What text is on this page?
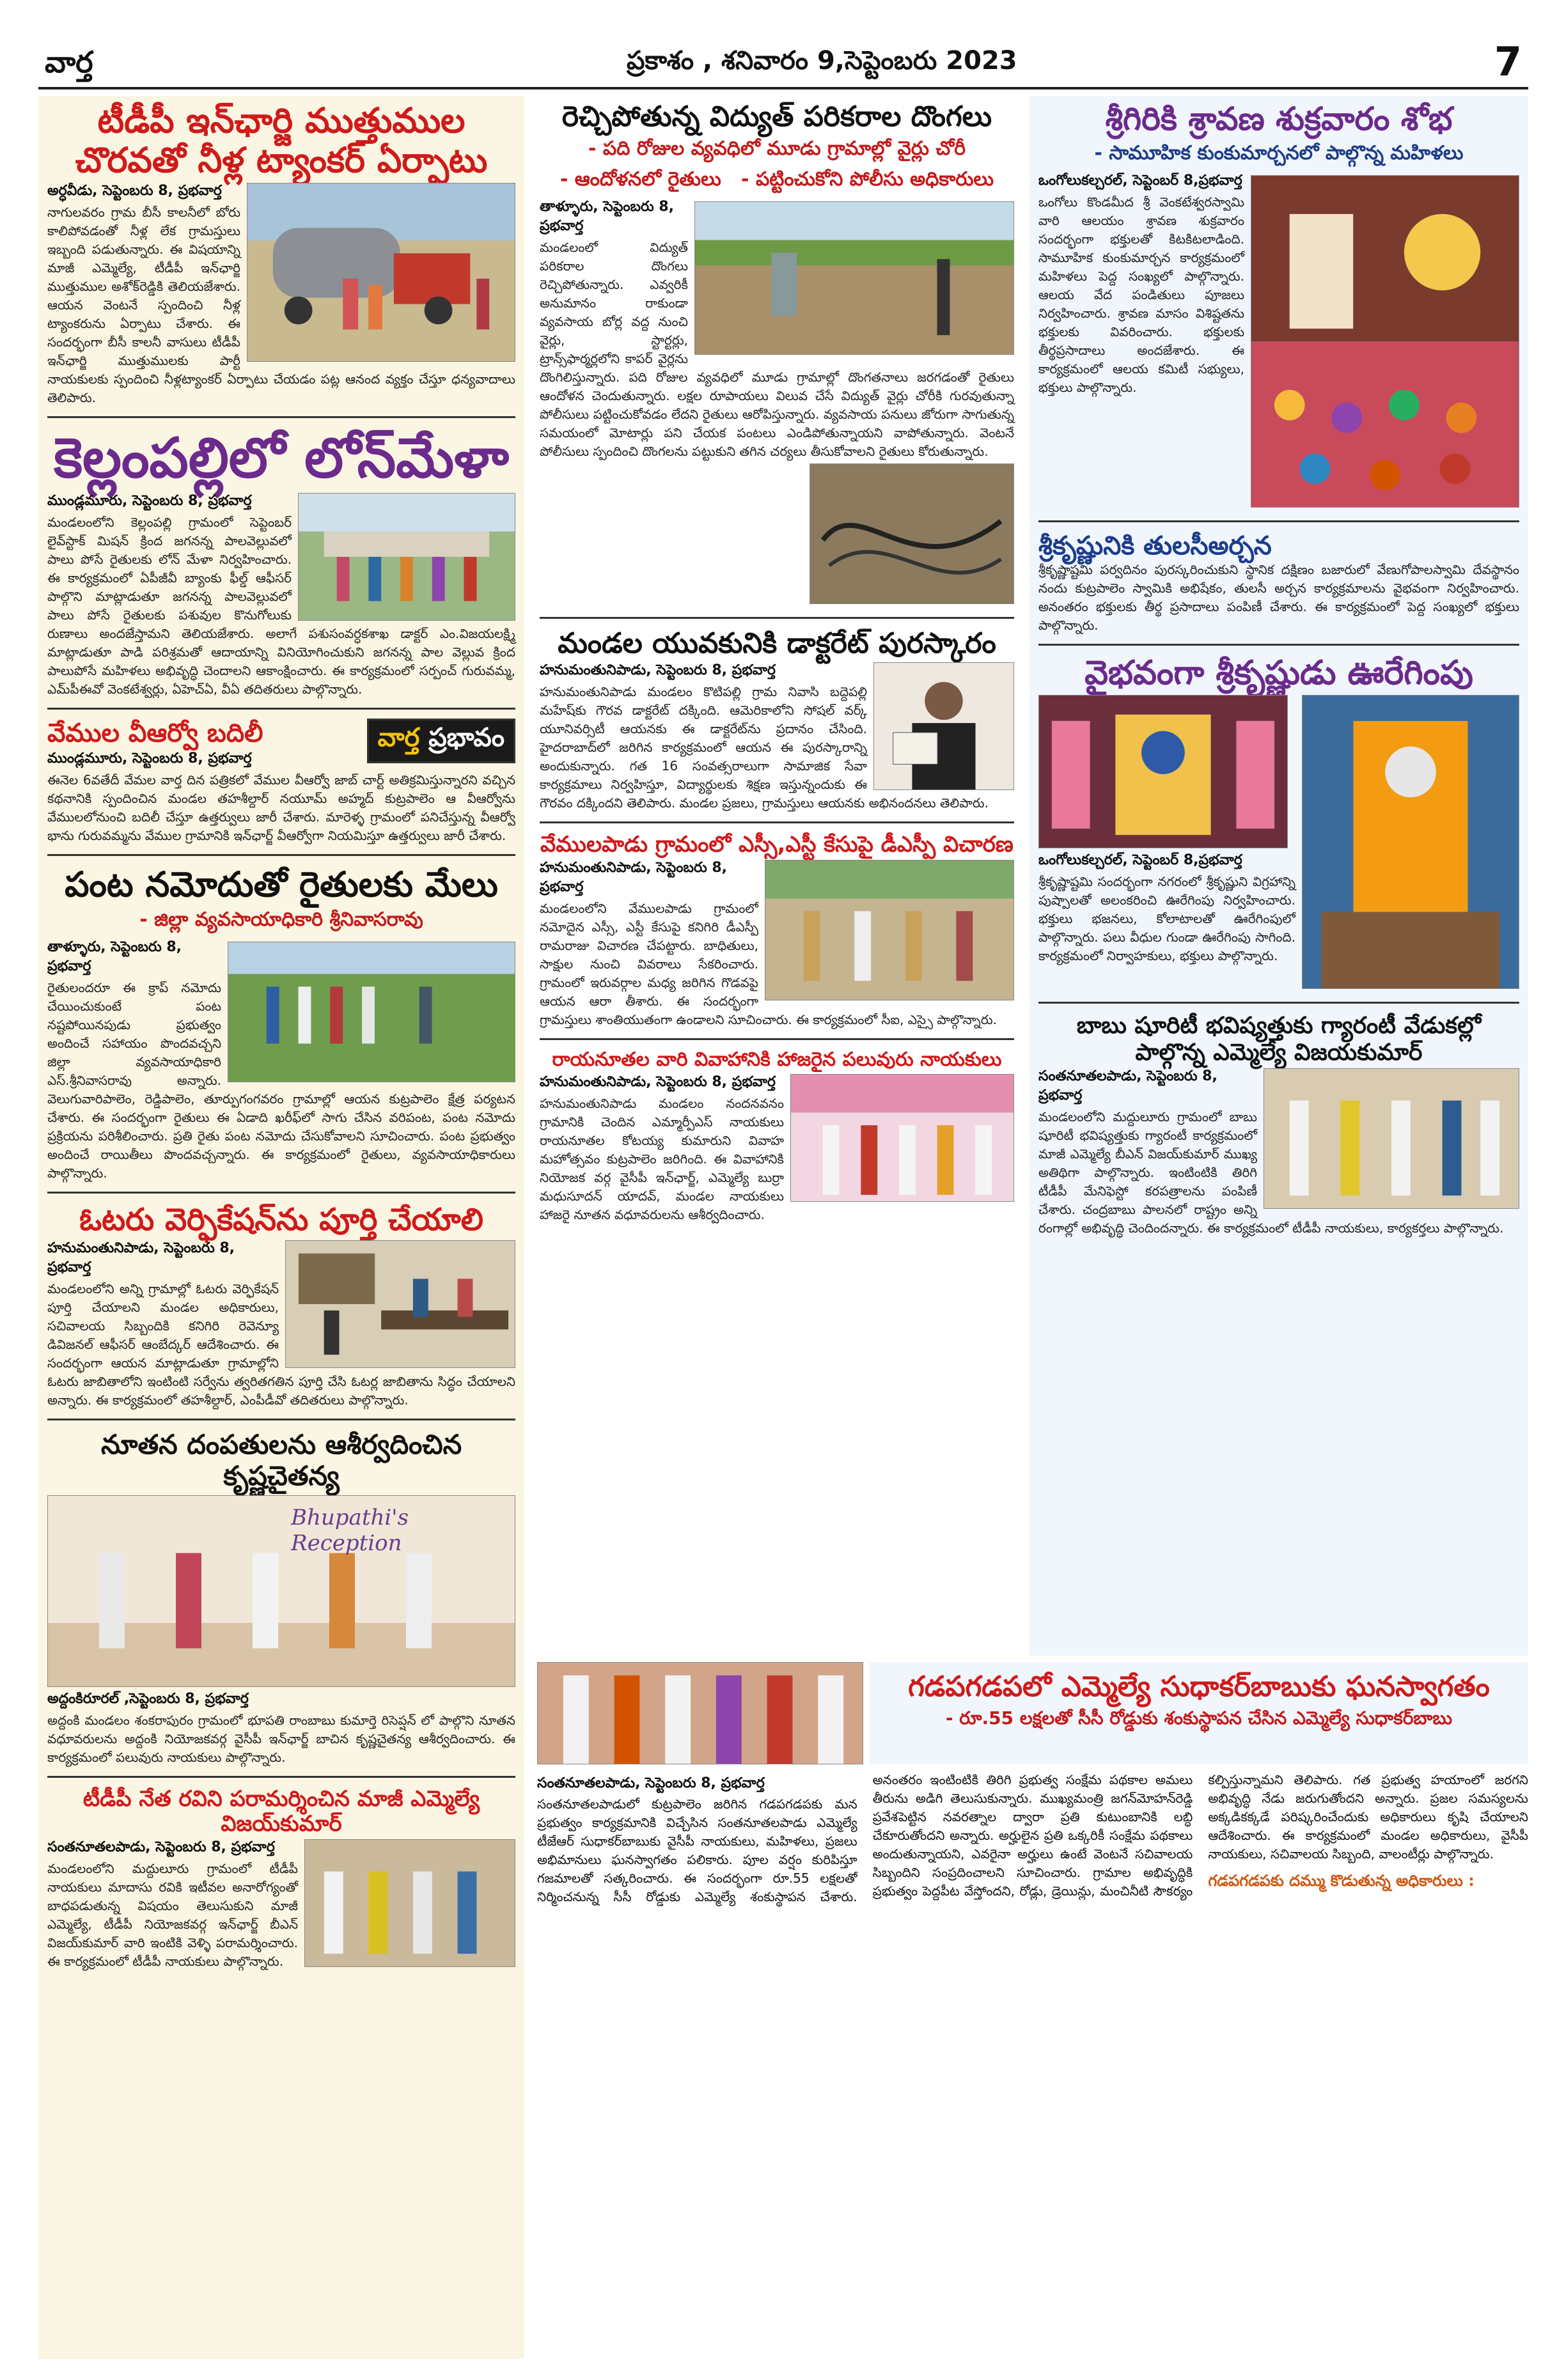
వార్త	ప్రకాశం , శనివారం 9,సెప్టెంబరు 2023	7
టీడీపీ ఇన్‌ఛార్జి ముత్తుముల
చొరవతో నీళ్ల ట్యాంకర్ ఏర్పాటు
అర్ధవీడు, సెప్టెంబరు 8, ప్రభవార్త
నాగులవరం గ్రామ బీసీ కాలనీలో బోరు కాలిపోవడంతో నీళ్ల లేక గ్రామస్తులు ఇబ్బంది పడుతున్నారు. ఈ విషయాన్ని మాజీ ఎమ్మెల్యే, టీడీపీ ఇన్‌ఛార్జి ముత్తుముల అశోక్‌రెడ్డికి తెలియజేశారు. ఆయన వెంటనే స్పందించి నీళ్ల ట్యాంకరును ఏర్పాటు చేశారు. ఈ సందర్భంగా బీసీ కాలనీ వాసులు టీడీపీ ఇన్‌ఛార్జి ముత్తుములకు పార్టీ నాయకులకు స్పందించి నీళ్లట్యాంకర్ ఏర్పాటు చేయడం పట్ల ఆనంద వ్యక్తం చేస్తూ ధన్యవాదాలు తెలిపారు.
కెల్లంపల్లిలో లోన్‌మేళా
ముండ్లమూరు, సెప్టెంబరు 8, ప్రభవార్త
మండలంలోని కెల్లంపల్లి గ్రామంలో సెప్టెంబర్ లైవ్‌స్టాక్ మిషన్ క్రింద జగనన్న పాలవెల్లువలో పాలు పోసే రైతులకు లోన్ మేళా నిర్వహించారు. ఈ కార్యక్రమంలో ఏపీజీవీ బ్యాంకు ఫీల్డ్ ఆఫీసర్ పాల్గొని మాట్లాడుతూ జగనన్న పాలవెల్లువలో పాలు పోసే రైతులకు పశువుల కొనుగోలుకు రుణాలు అందజేస్తామని తెలియజేశారు. అలాగే పశుసంవర్ధకశాఖ డాక్టర్ ఎం.విజయలక్ష్మి మాట్లాడుతూ పాడి పరిశ్రమతో ఆదాయాన్ని వినియోగించుకుని జగనన్న పాల వెల్లువ క్రింద పాలుపోసే మహిళలు అభివృద్ధి చెందాలని ఆకాంక్షించారు. ఈ కార్యక్రమంలో సర్పంచ్ గురువమ్మ, ఎమ్‌పీఈవో వెంకటేశ్వర్లు, ఏహెచ్ఏ, వీఏ తదితరులు పాల్గొన్నారు.
వార్త ప్రభావం
వేముల వీఆర్వో బదిలీ
ముండ్లమూరు, సెప్టెంబరు 8, ప్రభవార్త
ఈనెల 6వతేదీ వేమల వార్త దిన పత్రికలో వేముల వీఆర్వో జాబ్ చార్ట్ అతిక్రమిస్తున్నారని వచ్చిన కథనానికి స్పందించిన మండల తహశీల్దార్ నయూమ్ అహ్మద్ కుట్రపాలెం ఆ వీఆర్వోను వేములలోనుంచి బదిలీ చేస్తూ ఉత్తర్వులు జారీ చేశారు. మారెళ్ళ గ్రామంలో పనిచేస్తున్న వీఆర్వో భాను గురువమ్మను వేముల గ్రామానికి ఇన్‌ఛార్జ్ వీఆర్వోగా నియమిస్తూ ఉత్తర్వులు జారీ చేశారు.
పంట నమోదుతో రైతులకు మేలు
- జిల్లా వ్యవసాయాధికారి శ్రీనివాసరావు
తాళ్ళూరు, సెప్టెంబరు 8, ప్రభవార్త
రైతులందరూ ఈ క్రాప్ నమోదు చేయించుకుంటే పంట నష్టపోయినపుడు ప్రభుత్వం అందించే సహాయం పొందవచ్చని జిల్లా వ్యవసాయాధికారి ఎస్.శ్రీనివాసరావు అన్నారు. వెలుగువారిపాలెం, రెడ్డిపాలెం, తూర్పుగంగవరం గ్రామాల్లో ఆయన కుట్రపాలెం క్షేత్ర పర్యటన చేశారు. ఈ సందర్భంగా రైతులు ఈ ఏడాది ఖరీఫ్‌లో సాగు చేసిన వరిపంట, పంట నమోదు ప్రక్రియను పరిశీలించారు. ప్రతి రైతు పంట నమోదు చేసుకోవాలని సూచించారు. పంట ప్రభుత్వం అందించే రాయితీలు పొందవచ్చన్నారు. ఈ కార్యక్రమంలో రైతులు, వ్యవసాయాధికారులు పాల్గొన్నారు.
ఓటరు వెర్ఫికేషన్‌ను పూర్తి చేయాలి
హనుమంతునిపాడు, సెప్టెంబరు 8, ప్రభవార్త
మండలంలోని అన్ని గ్రామాల్లో ఓటరు వెర్ఫికేషన్ పూర్తి చేయాలని మండల అధికారులు, సచివాలయ సిబ్బందికి కనిగిరి రెవెన్యూ డివిజనల్ ఆఫీసర్ ఆంబేద్కర్ ఆదేశించారు. ఈ సందర్భంగా ఆయన మాట్లాడుతూ గ్రామాల్లోని ఓటరు జాబితాలోని ఇంటింటి సర్వేను త్వరితగతిన పూర్తి చేసి ఓటర్ల జాబితాను సిద్ధం చేయాలని అన్నారు. ఈ కార్యక్రమంలో తహశీల్దార్, ఎంపీడీవో తదితరులు పాల్గొన్నారు.
నూతన దంపతులను ఆశీర్వదించిన కృష్ణచైతన్య
Bhupathi's Reception
అద్దంకిరూరల్ ,సెప్టెంబరు 8, ప్రభవార్త
అద్దంకి మండలం శంకరాపురం గ్రామంలో భూపతి రాంబాబు కుమార్తె రిసెప్షన్ లో పాల్గొని నూతన వధూవరులను అద్దంకి నియోజకవర్గ వైసీపీ ఇన్‌ఛార్జ్ బాచిన కృష్ణచైతన్య ఆశీర్వదించారు. ఈ కార్యక్రమంలో పలువురు నాయకులు పాల్గొన్నారు.
టీడీపీ నేత రవిని పరామర్శించిన మాజీ ఎమ్మెల్యే విజయ్‌కుమార్
సంతనూతలపాడు, సెప్టెంబరు 8, ప్రభవార్త
మండలంలోని మద్దులూరు గ్రామంలో టీడీపీ నాయకులు మాదాసు రవికి ఇటీవల అనారోగ్యంతో బాధపడుతున్న విషయం తెలుసుకుని మాజీ ఎమ్మెల్యే, టీడీపీ నియోజకవర్గ ఇన్‌ఛార్జ్ బీఎన్ విజయ్‌కుమార్ వారి ఇంటికి వెళ్ళి పరామర్శించారు. ఈ కార్యక్రమంలో టీడీపీ నాయకులు పాల్గొన్నారు.
రెచ్చిపోతున్న విద్యుత్ పరికరాల దొంగలు
- పది రోజుల వ్యవధిలో మూడు గ్రామాల్లో వైర్లు చోరీ
- ఆందోళనలో రైతులు - పట్టించుకోని పోలీసు అధికారులు
తాళ్ళూరు, సెప్టెంబరు 8, ప్రభవార్త
మండలంలో విద్యుత్ పరికరాల దొంగలు రెచ్చిపోతున్నారు. ఎవ్వరికీ అనుమానం రాకుండా వ్యవసాయ బోర్ల వద్ద నుంచి వైర్లు, స్టార్టర్లు, ట్రాన్స్‌ఫార్మర్లలోని కాపర్ వైర్లను దొంగిలిస్తున్నారు. పది రోజుల వ్యవధిలో మూడు గ్రామాల్లో దొంగతనాలు జరగడంతో రైతులు ఆందోళన చెందుతున్నారు. లక్షల రూపాయలు విలువ చేసే విద్యుత్ వైర్లు చోరీకి గురవుతున్నా పోలీసులు పట్టించుకోవడం లేదని రైతులు ఆరోపిస్తున్నారు. వ్యవసాయ పనులు జోరుగా సాగుతున్న సమయంలో మోటార్లు పని చేయక పంటలు ఎండిపోతున్నాయని వాపోతున్నారు. వెంటనే పోలీసులు స్పందించి దొంగలను పట్టుకుని తగిన చర్యలు తీసుకోవాలని రైతులు కోరుతున్నారు.
మండల యువకునికి డాక్టరేట్ పురస్కారం
హనుమంతునిపాడు, సెప్టెంబరు 8, ప్రభవార్త
హనుమంతునిపాడు మండలం కొటిపల్లి గ్రామ నివాసి బద్దెపల్లి మహేష్‌కు గౌరవ డాక్టరేట్ దక్కింది. ఆమెరికాలోని సోషల్ వర్క్ యూనివర్సిటీ ఆయనకు ఈ డాక్టరేట్‌ను ప్రదానం చేసింది. హైదరాబాద్‌లో జరిగిన కార్యక్రమంలో ఆయన ఈ పురస్కారాన్ని అందుకున్నారు. గత 16 సంవత్సరాలుగా సామాజిక సేవా కార్యక్రమాలు నిర్వహిస్తూ, విద్యార్థులకు శిక్షణ ఇస్తున్నందుకు ఈ గౌరవం దక్కిందని తెలిపారు. మండల ప్రజలు, గ్రామస్తులు ఆయనకు అభినందనలు తెలిపారు.
వేములపాడు గ్రామంలో ఎస్సీ,ఎస్టీ కేసుపై డీఎస్పీ విచారణ
హనుమంతునిపాడు, సెప్టెంబరు 8, ప్రభవార్త
మండలంలోని వేములపాడు గ్రామంలో నమోదైన ఎస్సీ, ఎస్టీ కేసుపై కనిగిరి డీఎస్పీ రామరాజు విచారణ చేపట్టారు. బాధితులు, సాక్షుల నుంచి వివరాలు సేకరించారు. గ్రామంలో ఇరువర్గాల మధ్య జరిగిన గొడవపై ఆయన ఆరా తీశారు. ఈ సందర్భంగా గ్రామస్తులు శాంతియుతంగా ఉండాలని సూచించారు. ఈ కార్యక్రమంలో సీఐ, ఎస్సై పాల్గొన్నారు.
రాయనూతల వారి వివాహానికి హాజరైన పలువురు నాయకులు
హనుమంతునిపాడు, సెప్టెంబరు 8, ప్రభవార్త
హనుమంతునిపాడు మండలం నందనవనం గ్రామానికి చెందిన ఎమ్మార్పీఎస్ నాయకులు రాయనూతల కోటయ్య కుమారుని వివాహ మహోత్సవం కుట్రపాలెం జరిగింది. ఈ వివాహానికి నియోజక వర్గ వైసీపీ ఇన్‌ఛార్జ్, ఎమ్మెల్యే బుర్రా మధుసూదన్ యాదవ్, మండల నాయకులు హాజరై నూతన వధూవరులను ఆశీర్వదించారు.
శ్రీగిరికి శ్రావణ శుక్రవారం శోభ
- సామూహిక కుంకుమార్చనలో పాల్గొన్న మహిళలు
ఒంగోలుకల్చరల్, సెప్టెంబర్ 8,ప్రభవార్త
ఒంగోలు కొండమీద శ్రీ వెంకటేశ్వరస్వామి వారి ఆలయం శ్రావణ శుక్రవారం సందర్భంగా భక్తులతో కిటకిటలాడింది. సామూహిక కుంకుమార్చన కార్యక్రమంలో మహిళలు పెద్ద సంఖ్యలో పాల్గొన్నారు. ఆలయ వేద పండితులు పూజలు నిర్వహించారు. శ్రావణ మాసం విశిష్టతను భక్తులకు వివరించారు. భక్తులకు తీర్థప్రసాదాలు అందజేశారు. ఈ కార్యక్రమంలో ఆలయ కమిటీ సభ్యులు, భక్తులు పాల్గొన్నారు.
శ్రీకృష్ణునికి తులసీఅర్చన
శ్రీకృష్ణాష్టమి పర్వదినం పురస్కరించుకుని స్థానిక దక్షిణం బజారులో వేణుగోపాలస్వామి దేవస్థానం నందు కుట్రపాలెం స్వామికి అభిషేకం, తులసీ అర్చన కార్యక్రమాలను వైభవంగా నిర్వహించారు. అనంతరం భక్తులకు తీర్థ ప్రసాదాలు పంపిణీ చేశారు. ఈ కార్యక్రమంలో పెద్ద సంఖ్యలో భక్తులు పాల్గొన్నారు.
వైభవంగా శ్రీకృష్ణుడు ఊరేగింపు
ఒంగోలుకల్చరల్, సెప్టెంబర్ 8,ప్రభవార్త
శ్రీకృష్ణాష్టమి సందర్భంగా నగరంలో శ్రీకృష్ణుని విగ్రహాన్ని పుష్పాలతో అలంకరించి ఊరేగింపు నిర్వహించారు. భక్తులు భజనలు, కోలాటాలతో ఊరేగింపులో పాల్గొన్నారు. పలు వీధుల గుండా ఊరేగింపు సాగింది. కార్యక్రమంలో నిర్వాహకులు, భక్తులు పాల్గొన్నారు.
బాబు షూరిటీ భవిష్యత్తుకు గ్యారంటీ వేడుకల్లో
పాల్గొన్న ఎమ్మెల్యే విజయకుమార్
సంతనూతలపాడు, సెప్టెంబరు 8, ప్రభవార్త
మండలంలోని మద్దులూరు గ్రామంలో బాబు షూరిటీ భవిష్యత్తుకు గ్యారంటీ కార్యక్రమంలో మాజీ ఎమ్మెల్యే బీఎన్ విజయ్‌కుమార్ ముఖ్య అతిథిగా పాల్గొన్నారు. ఇంటింటికి తిరిగి టీడీపీ మేనిఫెస్టో కరపత్రాలను పంపిణీ చేశారు. చంద్రబాబు పాలనలో రాష్ట్రం అన్ని రంగాల్లో అభివృద్ధి చెందిందన్నారు. ఈ కార్యక్రమంలో టీడీపీ నాయకులు, కార్యకర్తలు పాల్గొన్నారు.
గడపగడపలో ఎమ్మెల్యే సుధాకర్‌బాబుకు ఘనస్వాగతం
- రూ.55 లక్షలతో సీసీ రోడ్డుకు శంకుస్థాపన చేసిన ఎమ్మెల్యే సుధాకర్‌బాబు
సంతనూతలపాడు, సెప్టెంబరు 8, ప్రభవార్త
సంతనూతలపాడులో కుట్రపాలెం జరిగిన గడపగడపకు మన ప్రభుత్వం కార్యక్రమానికి విచ్చేసిన సంతనూతలపాడు ఎమ్మెల్యే టీజేఆర్ సుధాకర్‌బాబుకు వైసీపీ నాయకులు, మహిళలు, ప్రజలు అభిమానులు ఘనస్వాగతం పలికారు. పూల వర్షం కురిపిస్తూ గజమాలతో సత్కరించారు. ఈ సందర్భంగా రూ.55 లక్షలతో నిర్మించనున్న సీసీ రోడ్డుకు ఎమ్మెల్యే శంకుస్థాపన చేశారు. అనంతరం ఇంటింటికి తిరిగి ప్రభుత్వ సంక్షేమ పథకాల అమలు తీరును అడిగి తెలుసుకున్నారు. ముఖ్యమంత్రి జగన్‌మోహన్‌రెడ్డి ప్రవేశపెట్టిన నవరత్నాల ద్వారా ప్రతి కుటుంబానికి లబ్ధి చేకూరుతోందని అన్నారు. అర్హులైన ప్రతి ఒక్కరికీ సంక్షేమ పథకాలు అందుతున్నాయని, ఎవరైనా అర్హులు ఉంటే వెంటనే సచివాలయ సిబ్బందిని సంప్రదించాలని సూచించారు. గ్రామాల అభివృద్ధికి ప్రభుత్వం పెద్దపీట వేస్తోందని, రోడ్లు, డ్రెయిన్లు, మంచినీటి సౌకర్యం కల్పిస్తున్నామని తెలిపారు. గత ప్రభుత్వ హయాంలో జరగని అభివృద్ధి నేడు జరుగుతోందని అన్నారు. ప్రజల సమస్యలను అక్కడికక్కడే పరిష్కరించేందుకు అధికారులు కృషి చేయాలని ఆదేశించారు. ఈ కార్యక్రమంలో మండల అధికారులు, వైసీపీ నాయకులు, సచివాలయ సిబ్బంది, వాలంటీర్లు పాల్గొన్నారు.
గడపగడపకు దమ్ము కొడుతున్న అధికారులు :
